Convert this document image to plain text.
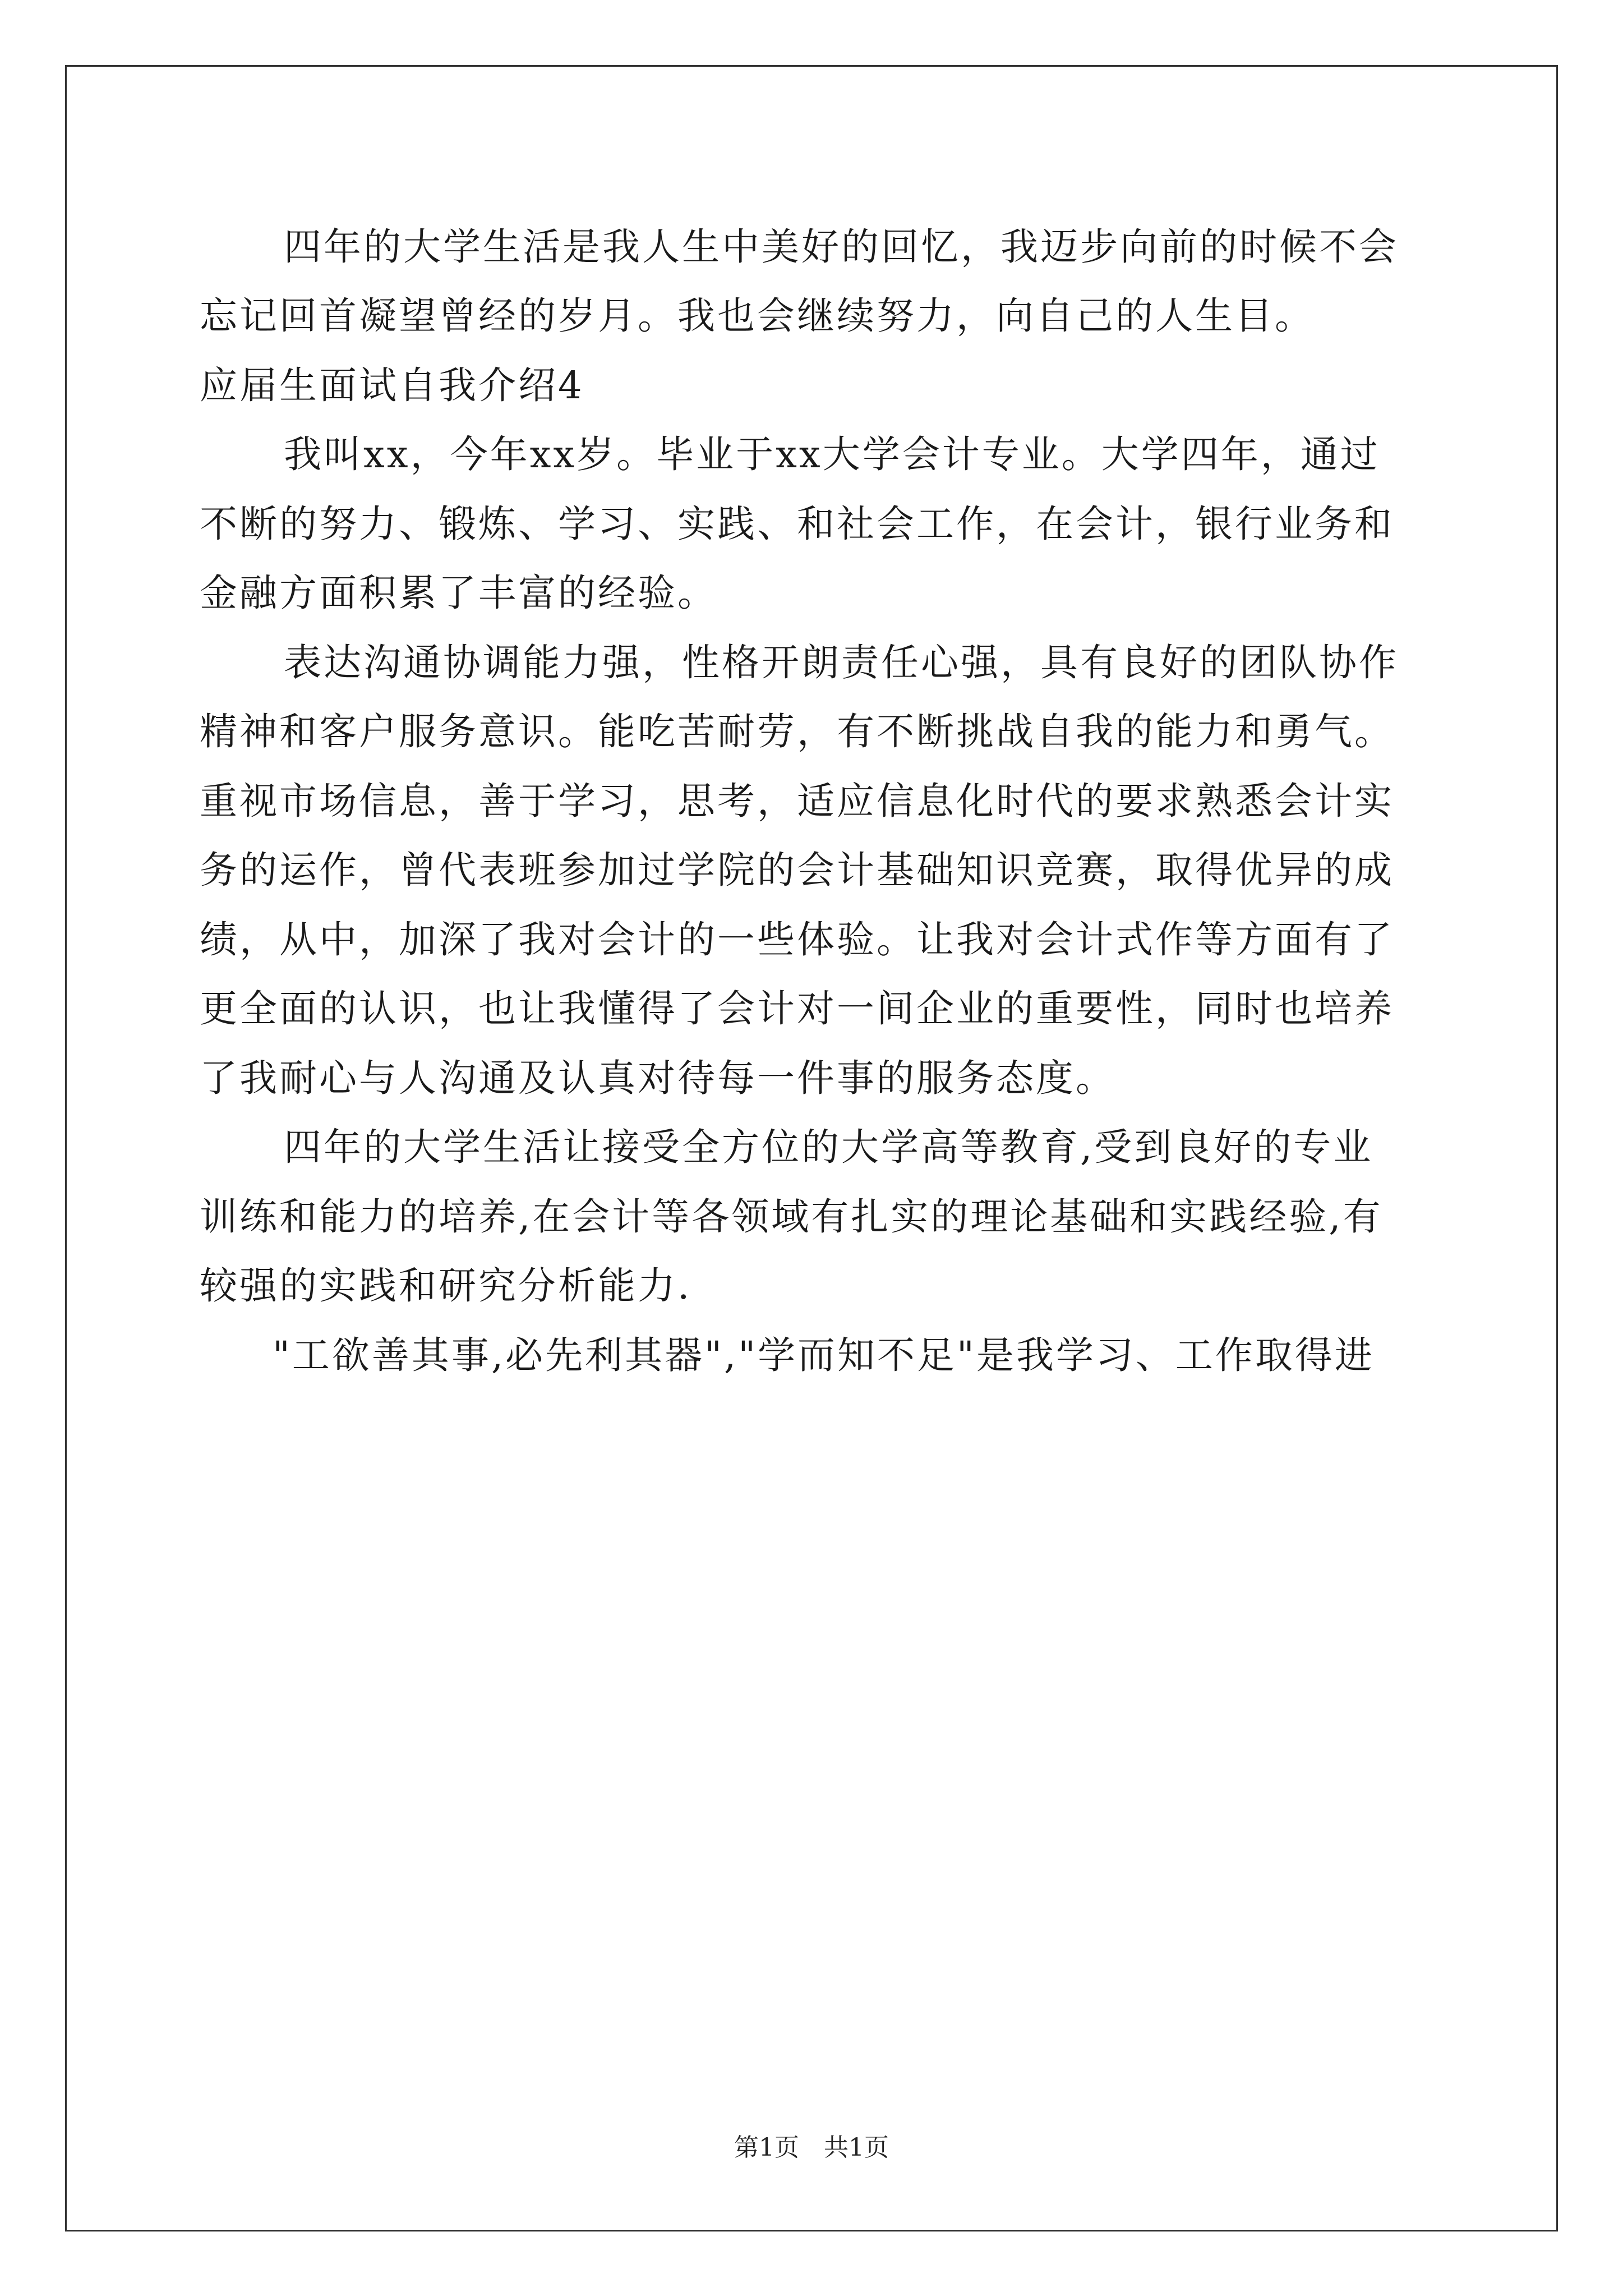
四年的大学生活是我人生中美好的回忆，我迈步向前的时候不会
忘记回首凝望曾经的岁月。我也会继续努力，向自己的人生目。
应届生面试自我介绍4
我叫xx，今年xx岁。毕业于xx大学会计专业。大学四年，通过
不断的努力、锻炼、学习、实践、和社会工作，在会计，银行业务和
金融方面积累了丰富的经验。
表达沟通协调能力强，性格开朗责任心强，具有良好的团队协作
精神和客户服务意识。能吃苦耐劳，有不断挑战自我的能力和勇气。
重视市场信息，善于学习，思考，适应信息化时代的要求熟悉会计实
务的运作，曾代表班参加过学院的会计基础知识竞赛，取得优异的成
绩，从中，加深了我对会计的一些体验。让我对会计式作等方面有了
更全面的认识，也让我懂得了会计对一间企业的重要性，同时也培养
了我耐心与人沟通及认真对待每一件事的服务态度。
四年的大学生活让接受全方位的大学高等教育,受到良好的专业
训练和能力的培养,在会计等各领域有扎实的理论基础和实践经验,有
较强的实践和研究分析能力.
"工欲善其事,必先利其器","学而知不足"是我学习、工作取得进
第1页　共1页
